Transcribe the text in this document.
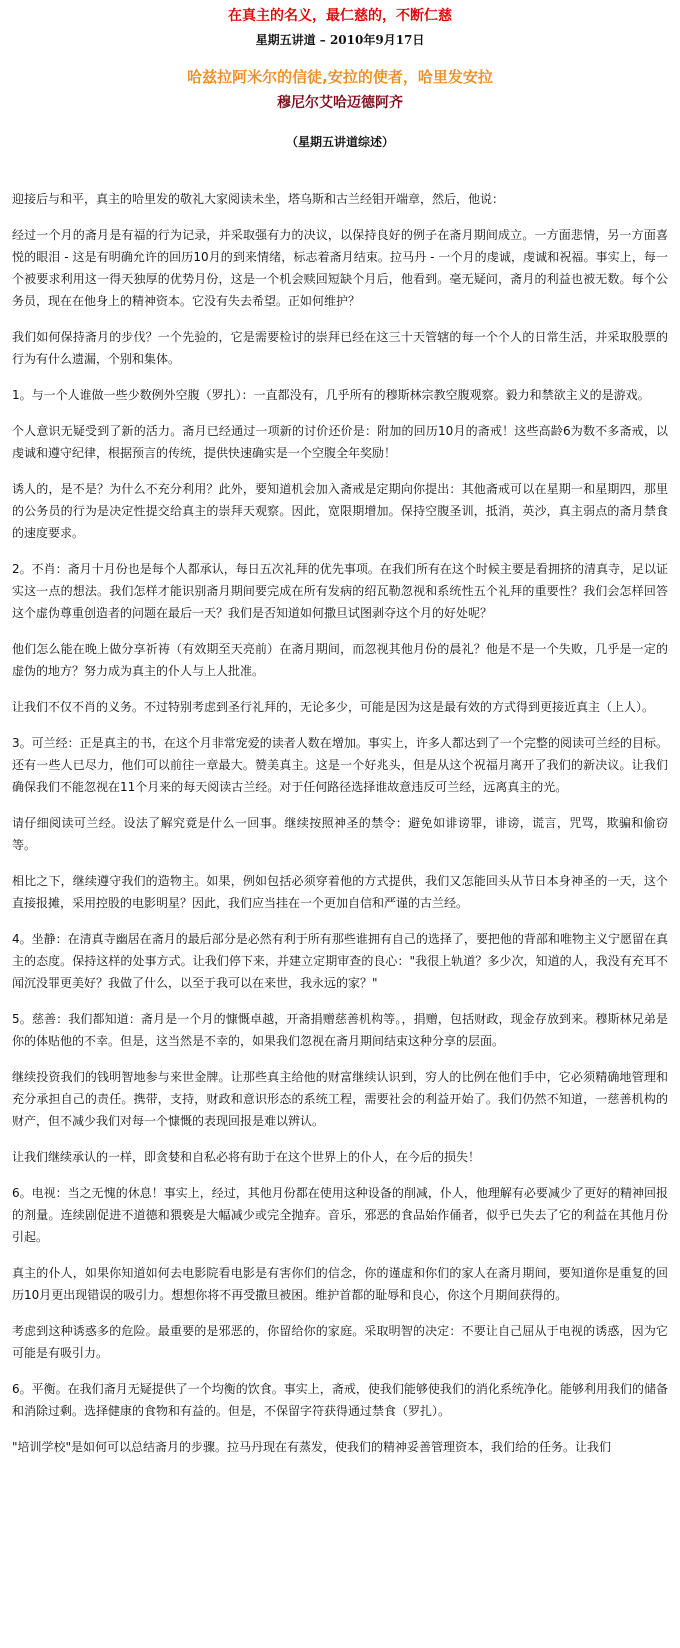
在真主的名义，最仁慈的，不断仁慈
星期五讲道 – 2010年9月17日
哈兹拉阿米尔的信徒,安拉的使者，哈里发安拉
穆尼尔艾哈迈德阿齐
（星期五讲道综述）

迎接后与和平，真主的哈里发的敬礼大家阅读未坐，塔乌斯和古兰经钼开端章，然后，他说：

经过一个月的斋月是有福的行为记录，并采取强有力的决议，以保持良好的例子在斋月期间成立。一方面悲情，另一方面喜悦的眼泪 - 这是有明确允许的回历10月的到来情绪，标志着斋月结束。拉马丹 - 一个月的虔诚，虔诚和祝福。事实上，每一个被要求利用这一得天独厚的优势月份，这是一个机会赎回短缺个月后，他看到。毫无疑问，斋月的利益也被无数。每个公务员，现在在他身上的精神资本。它没有失去希望。正如何维护？

我们如何保持斋月的步伐？一个先验的，它是需要检讨的崇拜已经在这三十天管辖的每一个个人的日常生活，并采取股票的行为有什么遗漏，个别和集体。

1。与一个人谁做一些少数例外空腹（罗扎）：一直都没有，几乎所有的穆斯林宗教空腹观察。毅力和禁欲主义的是游戏。

个人意识无疑受到了新的活力。斋月已经通过一项新的讨价还价是：附加的回历10月的斋戒！这些高龄6为数不多斋戒，以虔诚和遵守纪律，根据预言的传统，提供快速确实是一个空腹全年奖励！

诱人的，是不是？为什么不充分利用？此外，要知道机会加入斋戒是定期向你提出：其他斋戒可以在星期一和星期四，那里的公务员的行为是决定性提交给真主的崇拜天观察。因此，宽限期增加。保持空腹圣训，抵消，英沙，真主弱点的斋月禁食的速度要求。

2。不肖：斋月十月份也是每个人都承认，每日五次礼拜的优先事项。在我们所有在这个时候主要是看拥挤的清真寺，足以证实这一点的想法。我们怎样才能识别斋月期间要完成在所有发病的绍瓦勒忽视和系统性五个礼拜的重要性？我们会怎样回答这个虚伪尊重创造者的问题在最后一天？我们是否知道如何撒旦试图剥夺这个月的好处呢？

他们怎么能在晚上做分享祈祷（有效期至天亮前）在斋月期间，而忽视其他月份的晨礼？他是不是一个失败，几乎是一定的虚伪的地方？努力成为真主的仆人与上人批准。

让我们不仅不肖的义务。不过特别考虑到圣行礼拜的，无论多少，可能是因为这是最有效的方式得到更接近真主（上人）。

3。可兰经：正是真主的书，在这个月非常宠爱的读者人数在增加。事实上，许多人都达到了一个完整的阅读可兰经的目标。还有一些人已尽力，他们可以前往一章最大。赞美真主。这是一个好兆头，但是从这个祝福月离开了我们的新决议。让我们确保我们不能忽视在11个月来的每天阅读古兰经。对于任何路径选择谁故意违反可兰经，远离真主的光。

请仔细阅读可兰经。设法了解究竟是什么一回事。继续按照神圣的禁令：避免如诽谤罪，诽谤，谎言，咒骂，欺骗和偷窃等。

相比之下，继续遵守我们的造物主。如果，例如包括必须穿着他的方式提供，我们又怎能回头从节日本身神圣的一天，这个直接报摊，采用控股的电影明星？因此，我们应当挂在一个更加自信和严谨的古兰经。

4。坐静：在清真寺幽居在斋月的最后部分是必然有利于所有那些谁拥有自己的选择了，要把他的背部和唯物主义宁愿留在真主的态度。保持这样的处事方式。让我们停下来，并建立定期审查的良心："我很上轨道？多少次，知道的人，我没有充耳不闻沉没罪更美好？我做了什么，以至于我可以在来世，我永远的家？"

5。慈善：我们都知道：斋月是一个月的慷慨卓越，开斋捐赠慈善机构等。，捐赠，包括财政，现金存放到来。穆斯林兄弟是你的体贴他的不幸。但是，这当然是不幸的，如果我们忽视在斋月期间结束这种分享的层面。

继续投资我们的钱明智地参与来世金牌。让那些真主给他的财富继续认识到，穷人的比例在他们手中，它必须精确地管理和充分承担自己的责任。携带，支持，财政和意识形态的系统工程，需要社会的利益开始了。我们仍然不知道，一慈善机构的财产，但不减少我们对每一个慷慨的表现回报是难以辨认。

让我们继续承认的一样，即贪婪和自私必将有助于在这个世界上的仆人，在今后的损失！

6。电视：当之无愧的休息！事实上，经过，其他月份都在使用这种设备的削减，仆人，他理解有必要减少了更好的精神回报的剂量。连续剧促进不道德和猥亵是大幅减少或完全抛弃。音乐，邪恶的食品始作俑者，似乎已失去了它的利益在其他月份引起。

真主的仆人，如果你知道如何去电影院看电影是有害你们的信念，你的谨虚和你们的家人在斋月期间，要知道你是重复的回历10月更出现错误的吸引力。想想你将不再受撒旦被困。维护首都的耻辱和良心，你这个月期间获得的。

考虑到这种诱惑多的危险。最重要的是邪恶的，你留给你的家庭。采取明智的决定：不要让自己屈从于电视的诱惑，因为它可能是有吸引力。

6。平衡。在我们斋月无疑提供了一个均衡的饮食。事实上，斋戒，使我们能够使我们的消化系统净化。能够利用我们的储备和消除过剩。选择健康的食物和有益的。但是，不保留字符获得通过禁食（罗扎）。

"培训学校"是如何可以总结斋月的步骤。拉马丹现在有蒸发，使我们的精神妥善管理资本，我们给的任务。让我们
